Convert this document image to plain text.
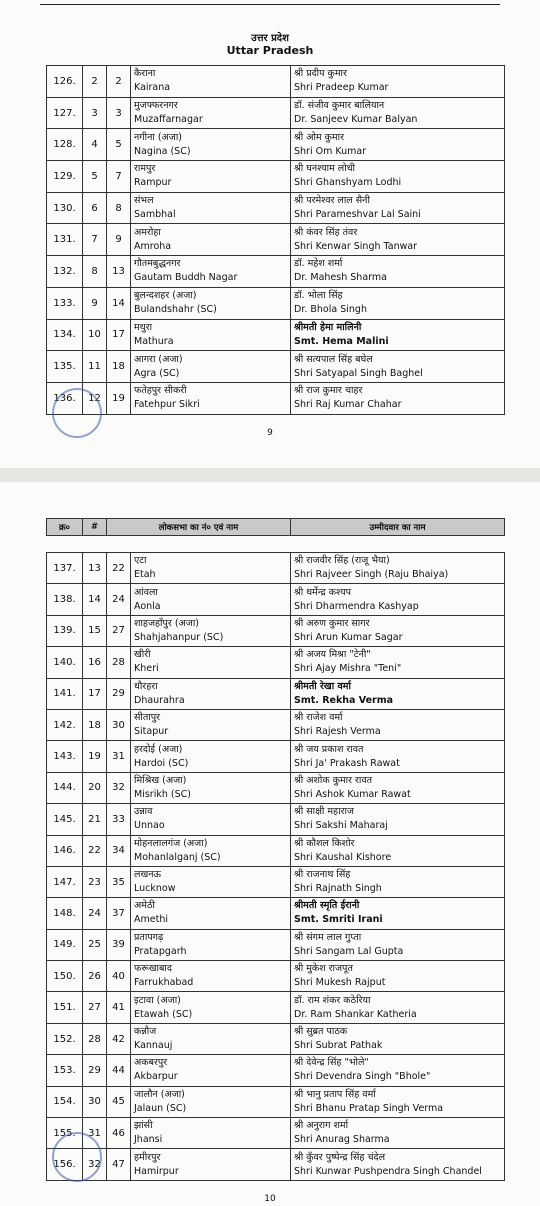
उत्तर प्रदेश
Uttar Pradesh
126.	2	2	कैराना
Kairana	श्री प्रदीप कुमार
Shri Pradeep Kumar

127.	3	3	मुजफ्फरनगर
Muzaffarnagar	डॉ. संजीव कुमार बालियान
Dr. Sanjeev Kumar Balyan

128.	4	5	नगीना (अजा)
Nagina (SC)	श्री ओम कुमार
Shri Om Kumar

129.	5	7	रामपुर
Rampur	श्री घनश्याम लोधी
Shri Ghanshyam Lodhi

130.	6	8	संभल
Sambhal	श्री परमेश्वर लाल सैनी
Shri Parameshvar Lal Saini

131.	7	9	अमरोहा
Amroha	श्री कंवर सिंह तंवर
Shri Kenwar Singh Tanwar

132.	8	13	गौतमबुद्धनगर
Gautam Buddh Nagar	डॉ. महेश शर्मा
Dr. Mahesh Sharma

133.	9	14	बुलन्दशहर (अजा)
Bulandshahr (SC)	डॉ. भोला सिंह
Dr. Bhola Singh

134.	10	17	मथुरा
Mathura	श्रीमती हेमा मालिनी
Smt. Hema Malini

135.	11	18	आगरा (अजा)
Agra (SC)	श्री सत्यपाल सिंह बघेल
Shri Satyapal Singh Baghel

136.	12	19	फतेहपुर सीकरी
Fatehpur Sikri	श्री राज कुमार चाहर
Shri Raj Kumar Chahar
9
क्र०	#	लोकसभा का नं० एवं नाम		उम्मीदवार का नाम

137.	13	22	एटा
Etah	श्री राजवीर सिंह (राजू भैया)
Shri Rajveer Singh (Raju Bhaiya)

138.	14	24	आंवला
Aonla	श्री धर्मेन्द्र कश्यप
Shri Dharmendra Kashyap

139.	15	27	शाहजहाँपुर (अजा)
Shahjahanpur (SC)	श्री अरुण कुमार सागर
Shri Arun Kumar Sagar

140.	16	28	खीरी
Kheri	श्री अजय मिश्रा "टेनी"
Shri Ajay Mishra "Teni"

141.	17	29	धौरहरा
Dhaurahra	श्रीमती रेखा वर्मा
Smt. Rekha Verma

142.	18	30	सीतापुर
Sitapur	श्री राजेश वर्मा
Shri Rajesh Verma

143.	19	31	हरदोई (अजा)
Hardoi (SC)	श्री जय प्रकाश रावत
Shri Ja' Prakash Rawat

144.	20	32	मिश्रिख (अजा)
Misrikh (SC)	श्री अशोक कुमार रावत
Shri Ashok Kumar Rawat

145.	21	33	उन्नाव
Unnao	श्री साक्षी महाराज
Shri Sakshi Maharaj

146.	22	34	मोहनलालगंज (अजा)
Mohanlalganj (SC)	श्री कौशल किशोर
Shri Kaushal Kishore

147.	23	35	लखनऊ
Lucknow	श्री राजनाथ सिंह
Shri Rajnath Singh

148.	24	37	अमेठी
Amethi	श्रीमती स्मृति ईरानी
Smt. Smriti Irani

149.	25	39	प्रतापगढ़
Pratapgarh	श्री संगम लाल गुप्ता
Shri Sangam Lal Gupta

150.	26	40	फरूखाबाद
Farrukhabad	श्री मुकेश राजपूत
Shri Mukesh Rajput

151.	27	41	इटावा (अजा)
Etawah (SC)	डॉ. राम शंकर कठेरिया
Dr. Ram Shankar Katheria

152.	28	42	कन्नौज
Kannauj	श्री सुब्रत पाठक
Shri Subrat Pathak

153.	29	44	अकबरपुर
Akbarpur	श्री देवेन्द्र सिंह "भोले"
Shri Devendra Singh "Bhole"

154.	30	45	जालौन (अजा)
Jalaun (SC)	श्री भानु प्रताप सिंह वर्मा
Shri Bhanu Pratap Singh Verma

155.	31	46	झांसी
Jhansi	श्री अनुराग शर्मा
Shri Anurag Sharma

156.	32	47	हमीरपुर
Hamirpur	श्री कुँवर पुष्पेन्द्र सिंह चंदेल
Shri Kunwar Pushpendra Singh Chandel
10
